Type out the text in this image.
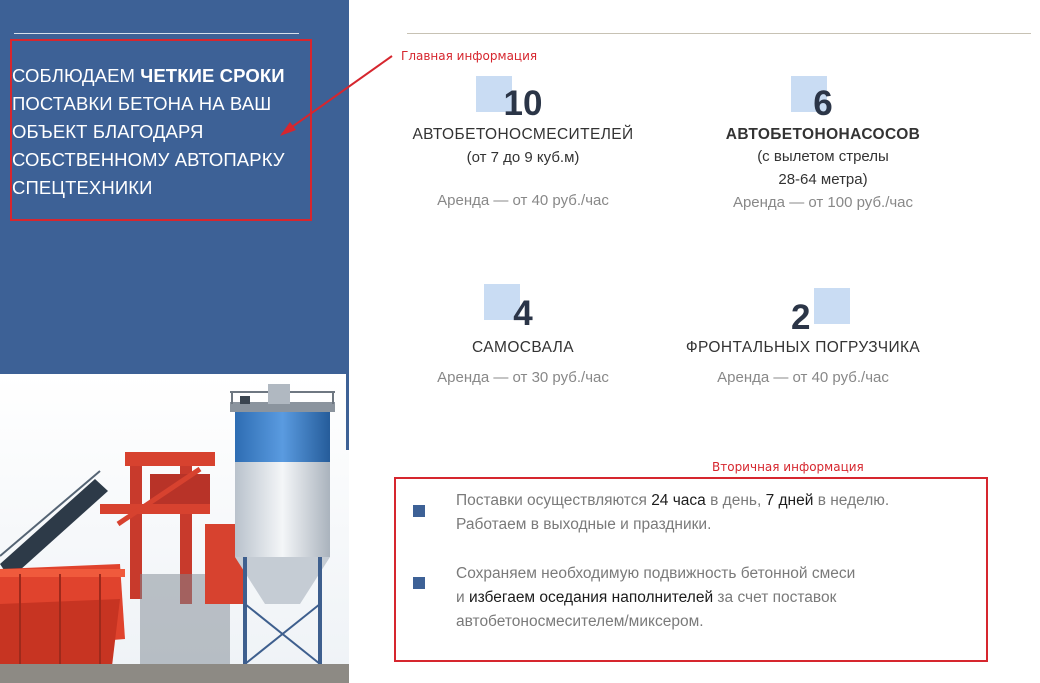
СОБЛЮДАЕМ ЧЕТКИЕ СРОКИ ПОСТАВКИ БЕТОНА НА ВАШ ОБЪЕКТ БЛАГОДАРЯ СОБСТВЕННОМУ АВТОПАРКУ СПЕЦТЕХНИКИ
Главная информация
10
АВТОБЕТОНОСМЕСИТЕЛЕЙ
(от 7 до 9 куб.м)
Аренда — от 40 руб./час
6
АВТОБЕТОНОНАСОСОВ
(с вылетом стрелы
28-64 метра)
Аренда — от 100 руб./час
4
САМОСВАЛА
Аренда — от 30 руб./час
2
ФРОНТАЛЬНЫХ ПОГРУЗЧИКА
Аренда — от 40 руб./час
Вторичная информация
Поставки осуществляются 24 часа в день, 7 дней в неделю.
Работаем в выходные и праздники.
Сохраняем необходимую подвижность бетонной смеси
и избегаем оседания наполнителей за счет поставок
автобетоносмесителем/миксером.
